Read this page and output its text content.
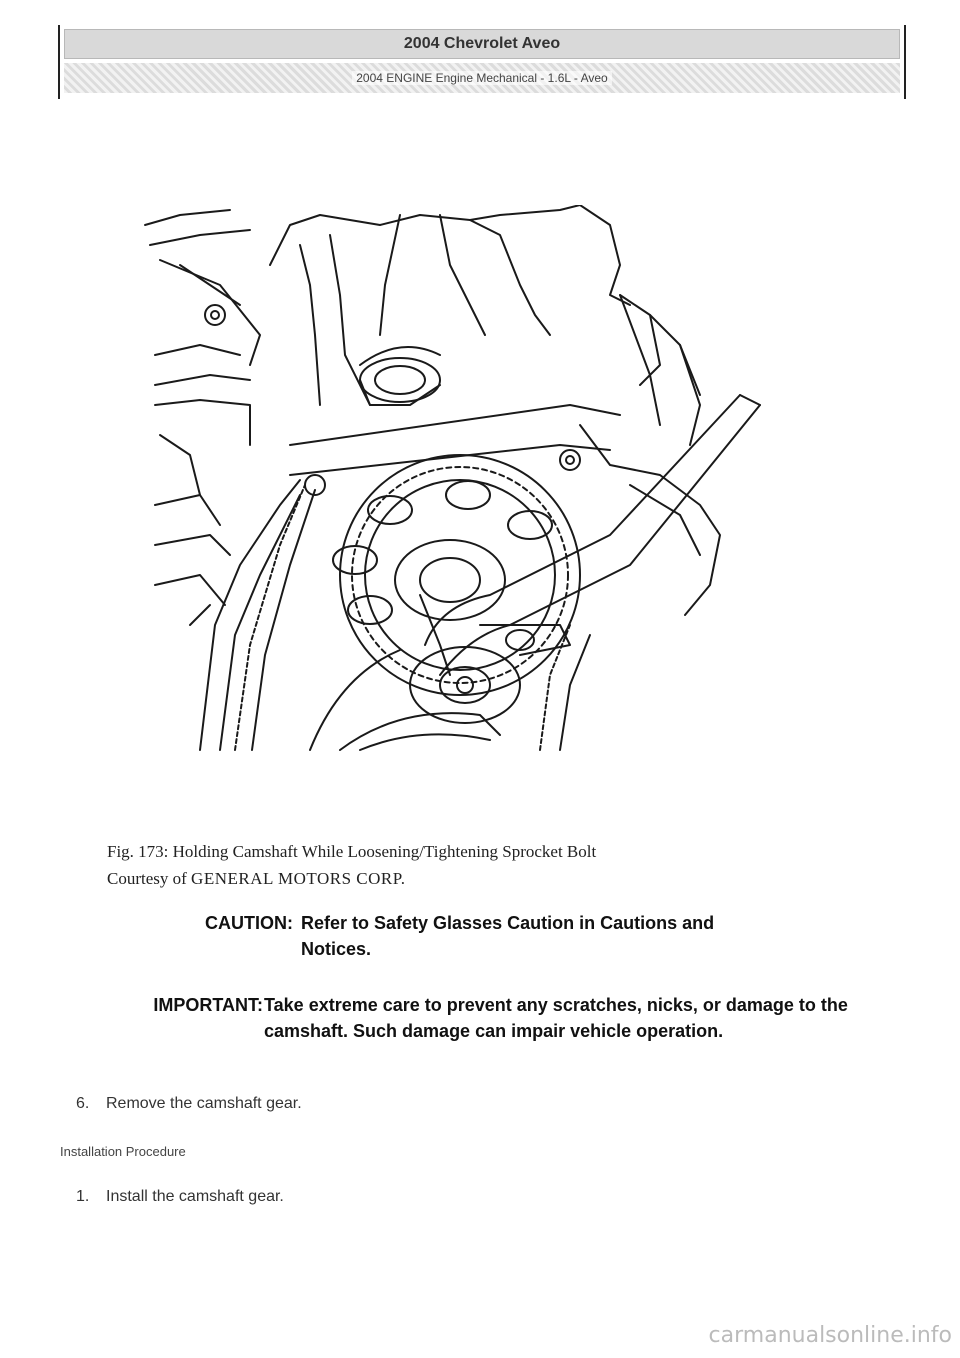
2004 Chevrolet Aveo
2004 ENGINE Engine Mechanical - 1.6L - Aveo
Fig. 173: Holding Camshaft While Loosening/Tightening Sprocket Bolt
Courtesy of GENERAL MOTORS CORP.
CAUTION: Refer to Safety Glasses Caution in Cautions and
Notices.
IMPORTANT: Take extreme care to prevent any scratches, nicks, or damage to the camshaft. Such damage can impair vehicle operation.
6. Remove the camshaft gear.
Installation Procedure
1. Install the camshaft gear.
carmanualsonline.info
